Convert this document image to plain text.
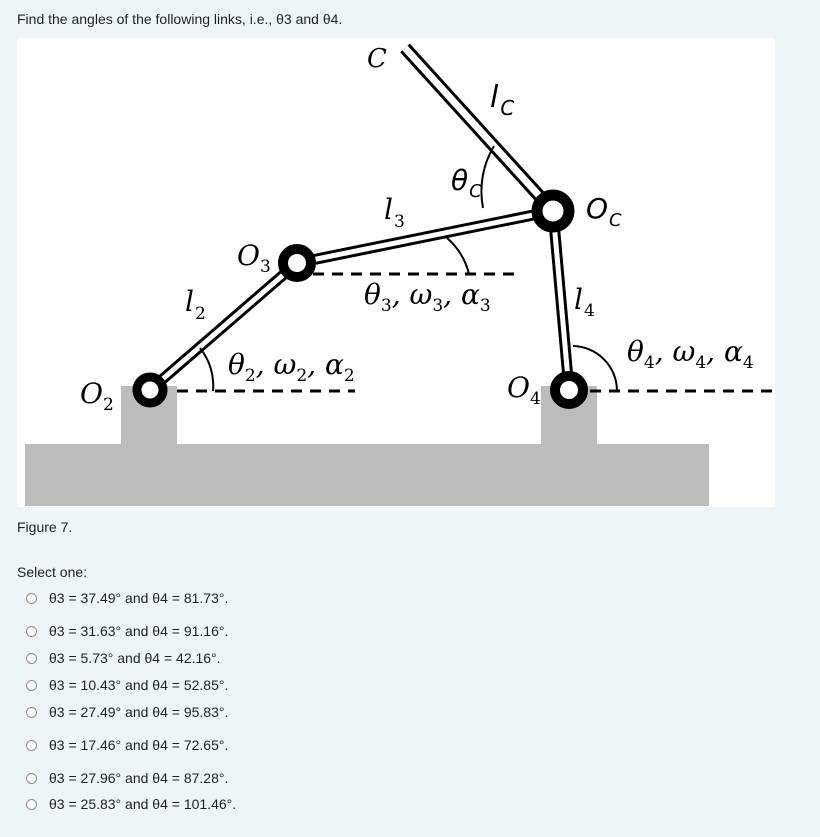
Find the angles of the following links, i.e., θ3 and θ4.
C
l $_C$
$\theta_C$
$O_C$
$l_3$
$O_3$
$\theta_3$, $\omega_3$, $\alpha_3$
$l_2$	$l_4$
$\theta_2$, $\omega_2$, $\alpha_2$
$\theta_4$, $\omega_4$, $\alpha_4$
$O_2$
$O_4$
Figure 7.
Select one:
θ3 = 37.49° and θ4 = 81.73°.
θ3 = 31.63° and θ4 = 91.16°.
θ3 = 5.73° and θ4 = 42.16°.
θ3 = 10.43° and θ4 = 52.85°.
θ3 = 27.49° and θ4 = 95.83°.
θ3 = 17.46° and θ4 = 72.65°.
θ3 = 27.96° and θ4 = 87.28°.
θ3 = 25.83° and θ4 = 101.46°.
